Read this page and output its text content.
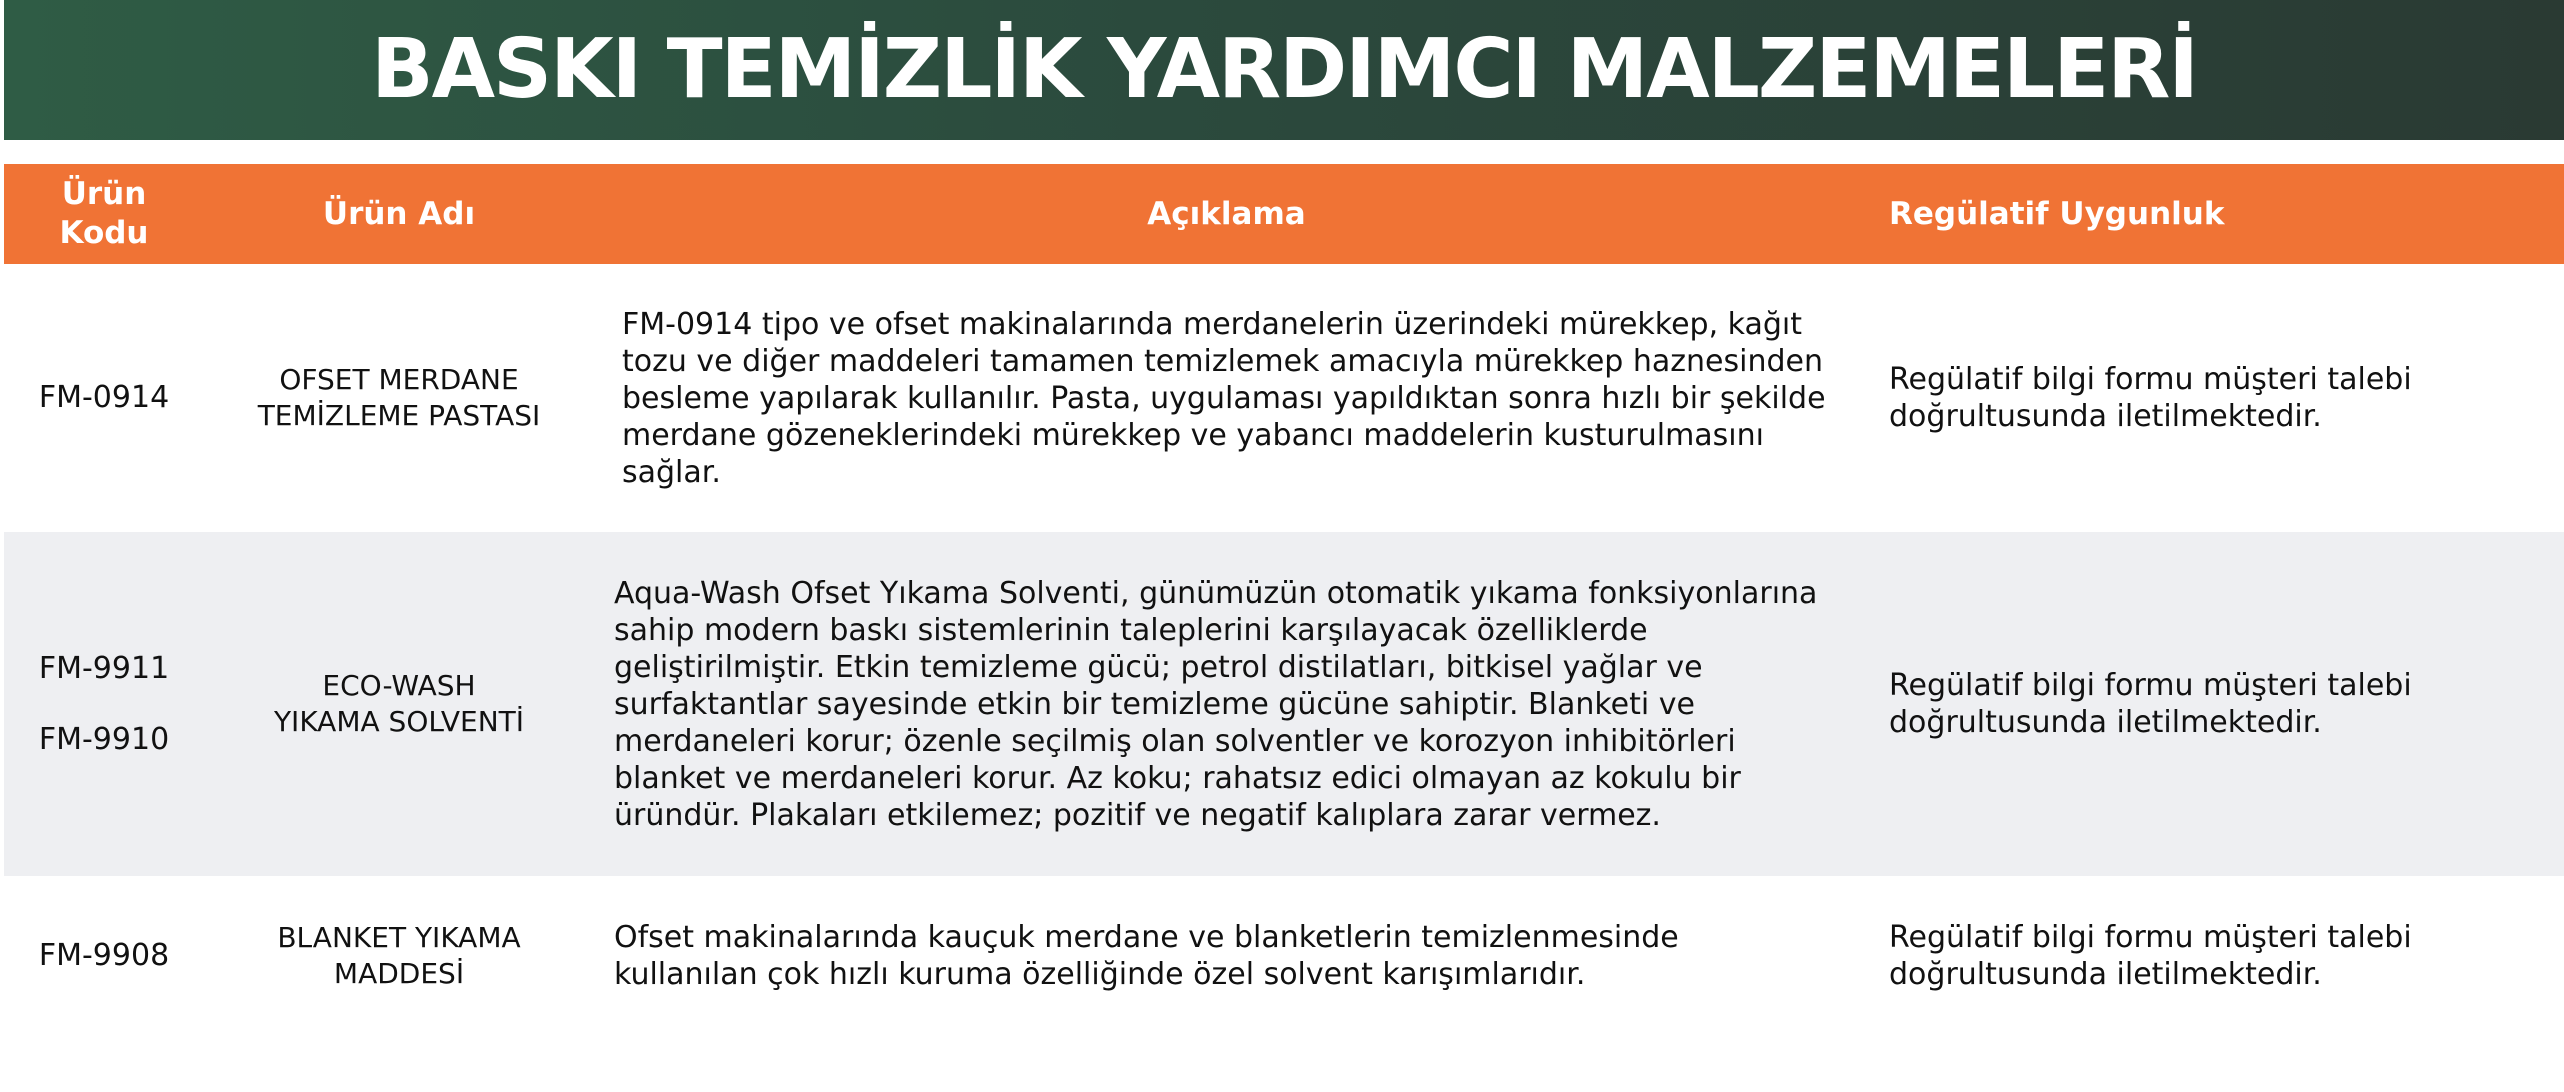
BASKI TEMİZLİK YARDIMCI MALZEMELERİ
Ürün Kodu
Ürün Adı	Açıklama	Regülatif Uygunluk
FM-0914
OFSET MERDANE
TEMİZLEME PASTASI
FM-0914 tipo ve ofset makinalarında merdanelerin üzerindeki mürekkep, kağıt tozu ve diğer maddeleri tamamen temizlemek amacıyla mürekkep haznesinden besleme yapılarak kullanılır. Pasta, uygulaması yapıldıktan sonra hızlı bir şekilde merdane gözeneklerindeki mürekkep ve yabancı maddelerin kusturulmasını sağlar.
Regülatif bilgi formu müşteri talebi doğrultusunda iletilmektedir.
FM-9911
FM-9910
ECO-WASH
YIKAMA SOLVENTİ
Aqua-Wash Ofset Yıkama Solventi, günümüzün otomatik yıkama fonksiyonlarına sahip modern baskı sistemlerinin taleplerini karşılayacak özelliklerde geliştirilmiştir. Etkin temizleme gücü; petrol distilatları, bitkisel yağlar ve surfaktantlar sayesinde etkin bir temizleme gücüne sahiptir. Blanketi ve merdaneleri korur; özenle seçilmiş olan solventler ve korozyon inhibitörleri blanket ve merdaneleri korur. Az koku; rahatsız edici olmayan az kokulu bir üründür. Plakaları etkilemez; pozitif ve negatif kalıplara zarar vermez.
Regülatif bilgi formu müşteri talebi doğrultusunda iletilmektedir.
FM-9908
BLANKET YIKAMA
MADDESİ
Ofset makinalarında kauçuk merdane ve blanketlerin temizlenmesinde kullanılan çok hızlı kuruma özelliğinde özel solvent karışımlarıdır.
Regülatif bilgi formu müşteri talebi doğrultusunda iletilmektedir.
